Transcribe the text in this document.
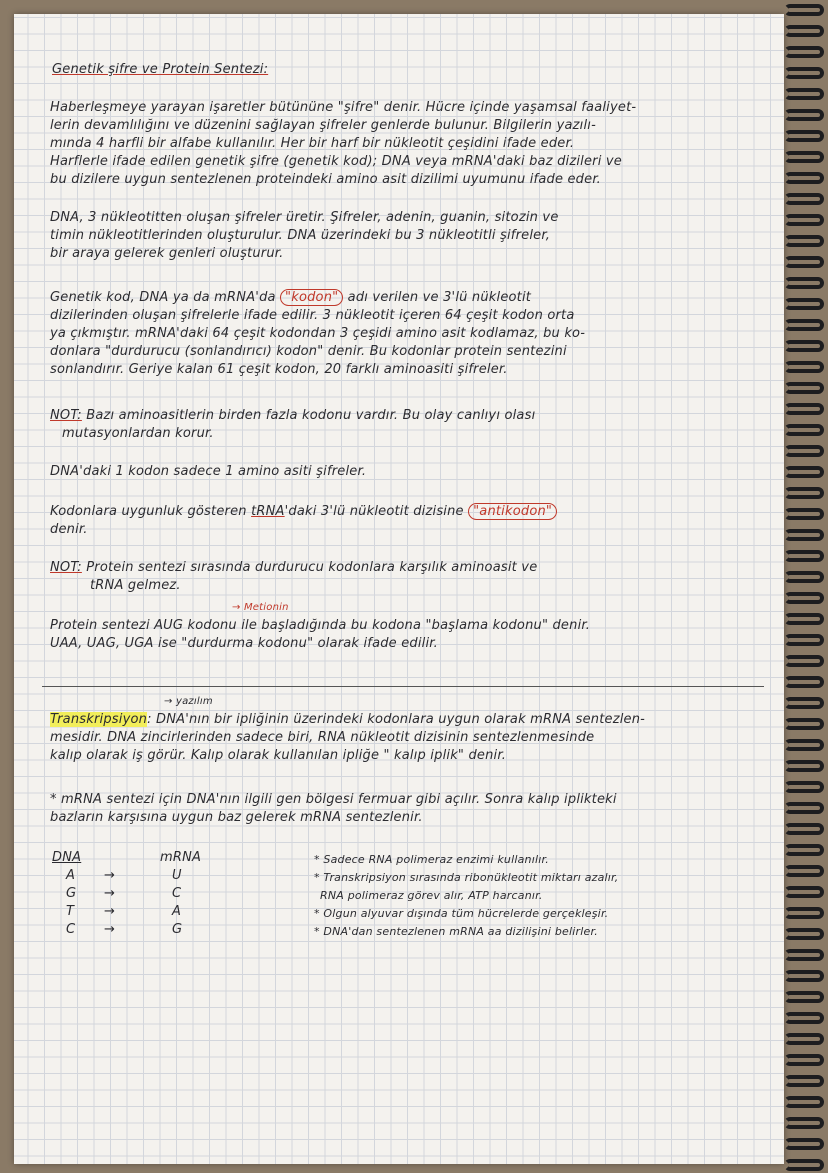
Genetik şifre ve Protein Sentezi:
Haberleşmeye yarayan işaretler bütününe "şifre" denir. Hücre içinde yaşamsal faaliyet-
lerin devamlılığını ve düzenini sağlayan şifreler genlerde bulunur. Bilgilerin yazılı-
mında 4 harfli bir alfabe kullanılır. Her bir harf bir nükleotit çeşidini ifade eder.
Harflerle ifade edilen genetik şifre (genetik kod); DNA veya mRNA'daki baz dizileri ve
bu dizilere uygun sentezlenen proteindeki amino asit dizilimi uyumunu ifade eder.
DNA, 3 nükleotitten oluşan şifreler üretir. Şifreler, adenin, guanin, sitozin ve
timin nükleotitlerinden oluşturulur. DNA üzerindeki bu 3 nükleotitli şifreler,
bir araya gelerek genleri oluşturur.
Genetik kod, DNA ya da mRNA'da "kodon" adı verilen ve 3'lü nükleotit
dizilerinden oluşan şifrelerle ifade edilir. 3 nükleotit içeren 64 çeşit kodon orta
ya çıkmıştır. mRNA'daki 64 çeşit kodondan 3 çeşidi amino asit kodlamaz, bu ko-
donlara "durdurucu (sonlandırıcı) kodon" denir. Bu kodonlar protein sentezini
sonlandırır. Geriye kalan 61 çeşit kodon, 20 farklı aminoasiti şifreler.
NOT: Bazı aminoasitlerin birden fazla kodonu vardır. Bu olay canlıyı olası
mutasyonlardan korur.
DNA'daki 1 kodon sadece 1 amino asiti şifreler.
Kodonlara uygunluk gösteren tRNA'daki 3'lü nükleotit dizisine "antikodon"
denir.
NOT: Protein sentezi sırasında durdurucu kodonlara karşılık aminoasit ve
tRNA gelmez.
→ Metionin
Protein sentezi AUG kodonu ile başladığında bu kodona "başlama kodonu" denir.
UAA, UAG, UGA ise "durdurma kodonu" olarak ifade edilir.
→ yazılım
Transkripsiyon: DNA'nın bir ipliğinin üzerindeki kodonlara uygun olarak mRNA sentezlen-
mesidir. DNA zincirlerinden sadece biri, RNA nükleotit dizisinin sentezlenmesinde
kalıp olarak iş görür. Kalıp olarak kullanılan ipliğe " kalıp iplik" denir.
* mRNA sentezi için DNA'nın ilgili gen bölgesi fermuar gibi açılır. Sonra kalıp iplikteki
bazların karşısına uygun baz gelerek mRNA sentezlenir.
DNA	mRNA
A →	U
G →	C
T →	A
C →	G
* Sadece RNA polimeraz enzimi kullanılır.
* Transkripsiyon sırasında ribonükleotit miktarı azalır,
RNA polimeraz görev alır, ATP harcanır.
* Olgun alyuvar dışında tüm hücrelerde gerçekleşir.
* DNA'dan sentezlenen mRNA aa dizilişini belirler.
